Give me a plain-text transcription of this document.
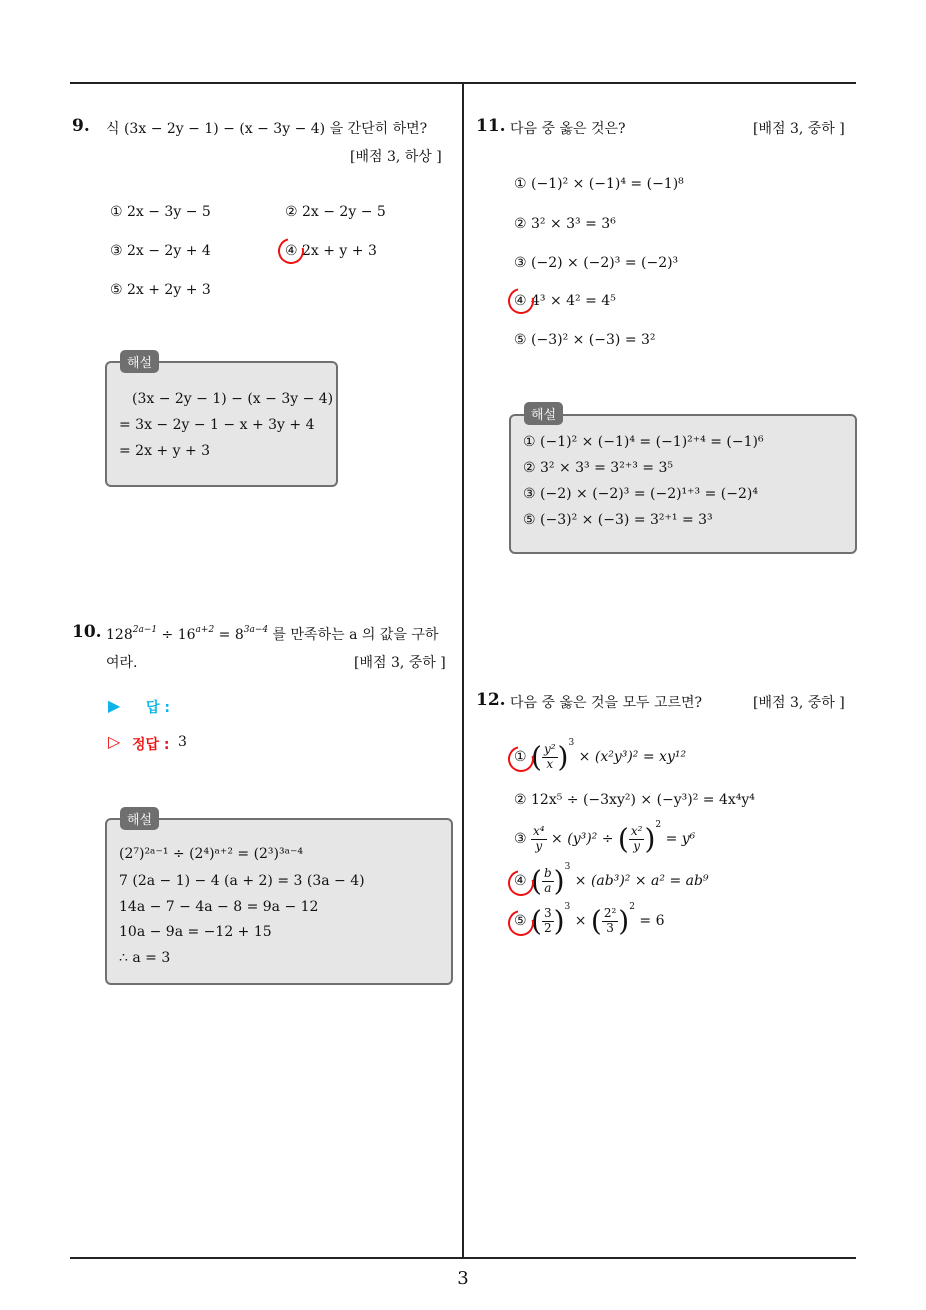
9. 식 (3x − 2y − 1) − (x − 3y − 4) 을 간단히 하면?
[배점 3, 하상 ]
① 2x − 3y − 5	② 2x − 2y − 5
③ 2x − 2y + 4	④ 2x + y + 3
⑤ 2x + 2y + 3
(3x − 2y − 1) − (x − 3y − 4)
= 3x − 2y − 1 − x + 3y + 4
= 2x + y + 3
해설
10. $128^{2a-1} \div 16^{a+2} = 8^{3a-4}$ 를 만족하는 a 의 값을 구하
여라.	[배점 3, 중하 ]
▶ 답 :
▷ 정답 : 3
(2⁷)²ᵃ⁻¹ ÷ (2⁴)ᵃ⁺² = (2³)³ᵃ⁻⁴
7 (2a − 1) − 4 (a + 2) = 3 (3a − 4)
14a − 7 − 4a − 8 = 9a − 12
10a − 9a = −12 + 15
∴ a = 3
해설
11. 다음 중 옳은 것은?	[배점 3, 중하 ]
① (−1)² × (−1)⁴ = (−1)⁸
② 3² × 3³ = 3⁶
③ (−2) × (−2)³ = (−2)³
④ 4³ × 4² = 4⁵
⑤ (−3)² × (−3) = 3²
① (−1)² × (−1)⁴ = (−1)²⁺⁴ = (−1)⁶
② 3² × 3³ = 3²⁺³ = 3⁵
③ (−2) × (−2)³ = (−2)¹⁺³ = (−2)⁴
⑤ (−3)² × (−3) = 3²⁺¹ = 3³
해설
12. 다음 중 옳은 것을 모두 고르면?	[배점 3, 중하 ]
① ( $\frac{\text{y²}}{x} )^3 \times (x^2y^3)^2 = xy^{12}$
② 12x⁵ ÷ (−3xy²) × (−y³)² = 4x⁴y⁴
③ $\frac{\text{x⁴}}{y} \times (y^3)^2$ ÷ ( $\frac{\text{x²}}{y} )^2 = y^6$
④ ( $\frac{b}{a} )^3 \times (ab^3)^2 \times a^2 = ab^9$
⑤ ( $\frac{3}{2} )^3$ × ( $\frac{\text{2²}}{3} )^2 = 6$
3
